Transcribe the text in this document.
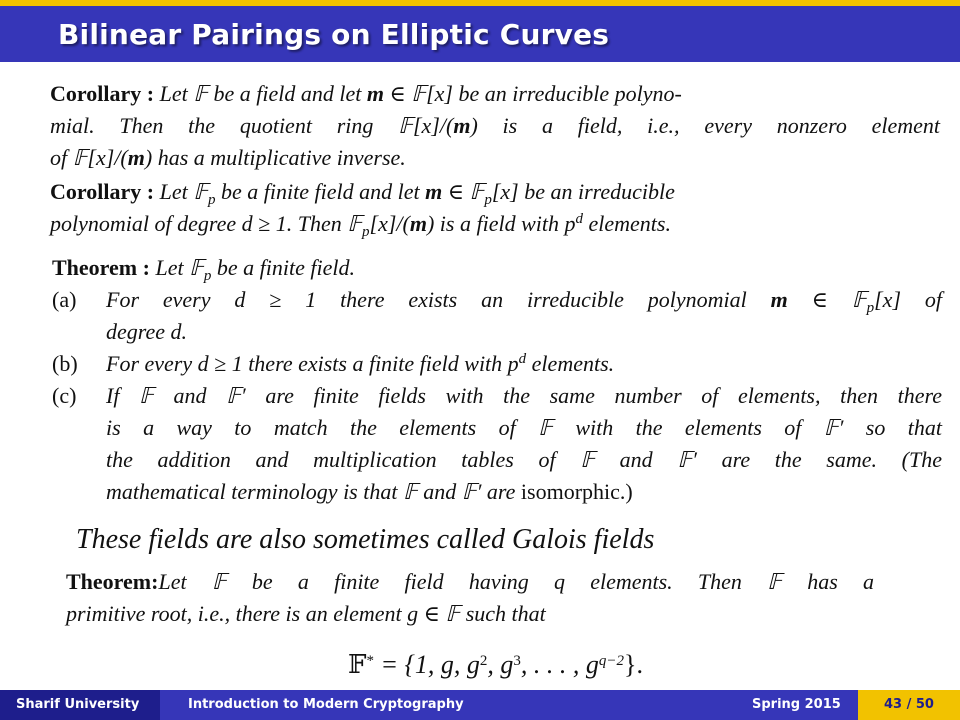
Bilinear Pairings on Elliptic Curves
Corollary : Let 𝔽 be a field and let m ∈ 𝔽[x] be an irreducible polyno-
mial. Then the quotient ring 𝔽[x]/(m) is a field, i.e., every nonzero element
of 𝔽[x]/(m) has a multiplicative inverse.
Corollary : Let 𝔽$_p$ be a finite field and let m ∈ 𝔽$_p$[x] be an irreducible
polynomial of degree d ≥ 1. Then 𝔽$_p$[x]/(m) is a field with $p^d$ elements.
Theorem : Let 𝔽$_p$ be a finite field.
(a) For every d ≥ 1 there exists an irreducible polynomial m ∈ 𝔽$_p$[x] of
degree d.
(b) For every d ≥ 1 there exists a finite field with $p^d$ elements.
(c) If 𝔽 and 𝔽′ are finite fields with the same number of elements, then there
is a way to match the elements of 𝔽 with the elements of 𝔽′ so that
the addition and multiplication tables of 𝔽 and 𝔽′ are the same. (The
mathematical terminology is that 𝔽 and 𝔽′ are isomorphic.)
These fields are also sometimes called Galois fields
Theorem:Let 𝔽 be a finite field having q elements. Then 𝔽 has a
primitive root, i.e., there is an element g ∈ 𝔽 such that
𝔽* = {1, g, $g^2$, $g^3$, . . . , $g^{q-2}$}.
Sharif University	Introduction to Modern Cryptography	Spring 2015	43 / 50
